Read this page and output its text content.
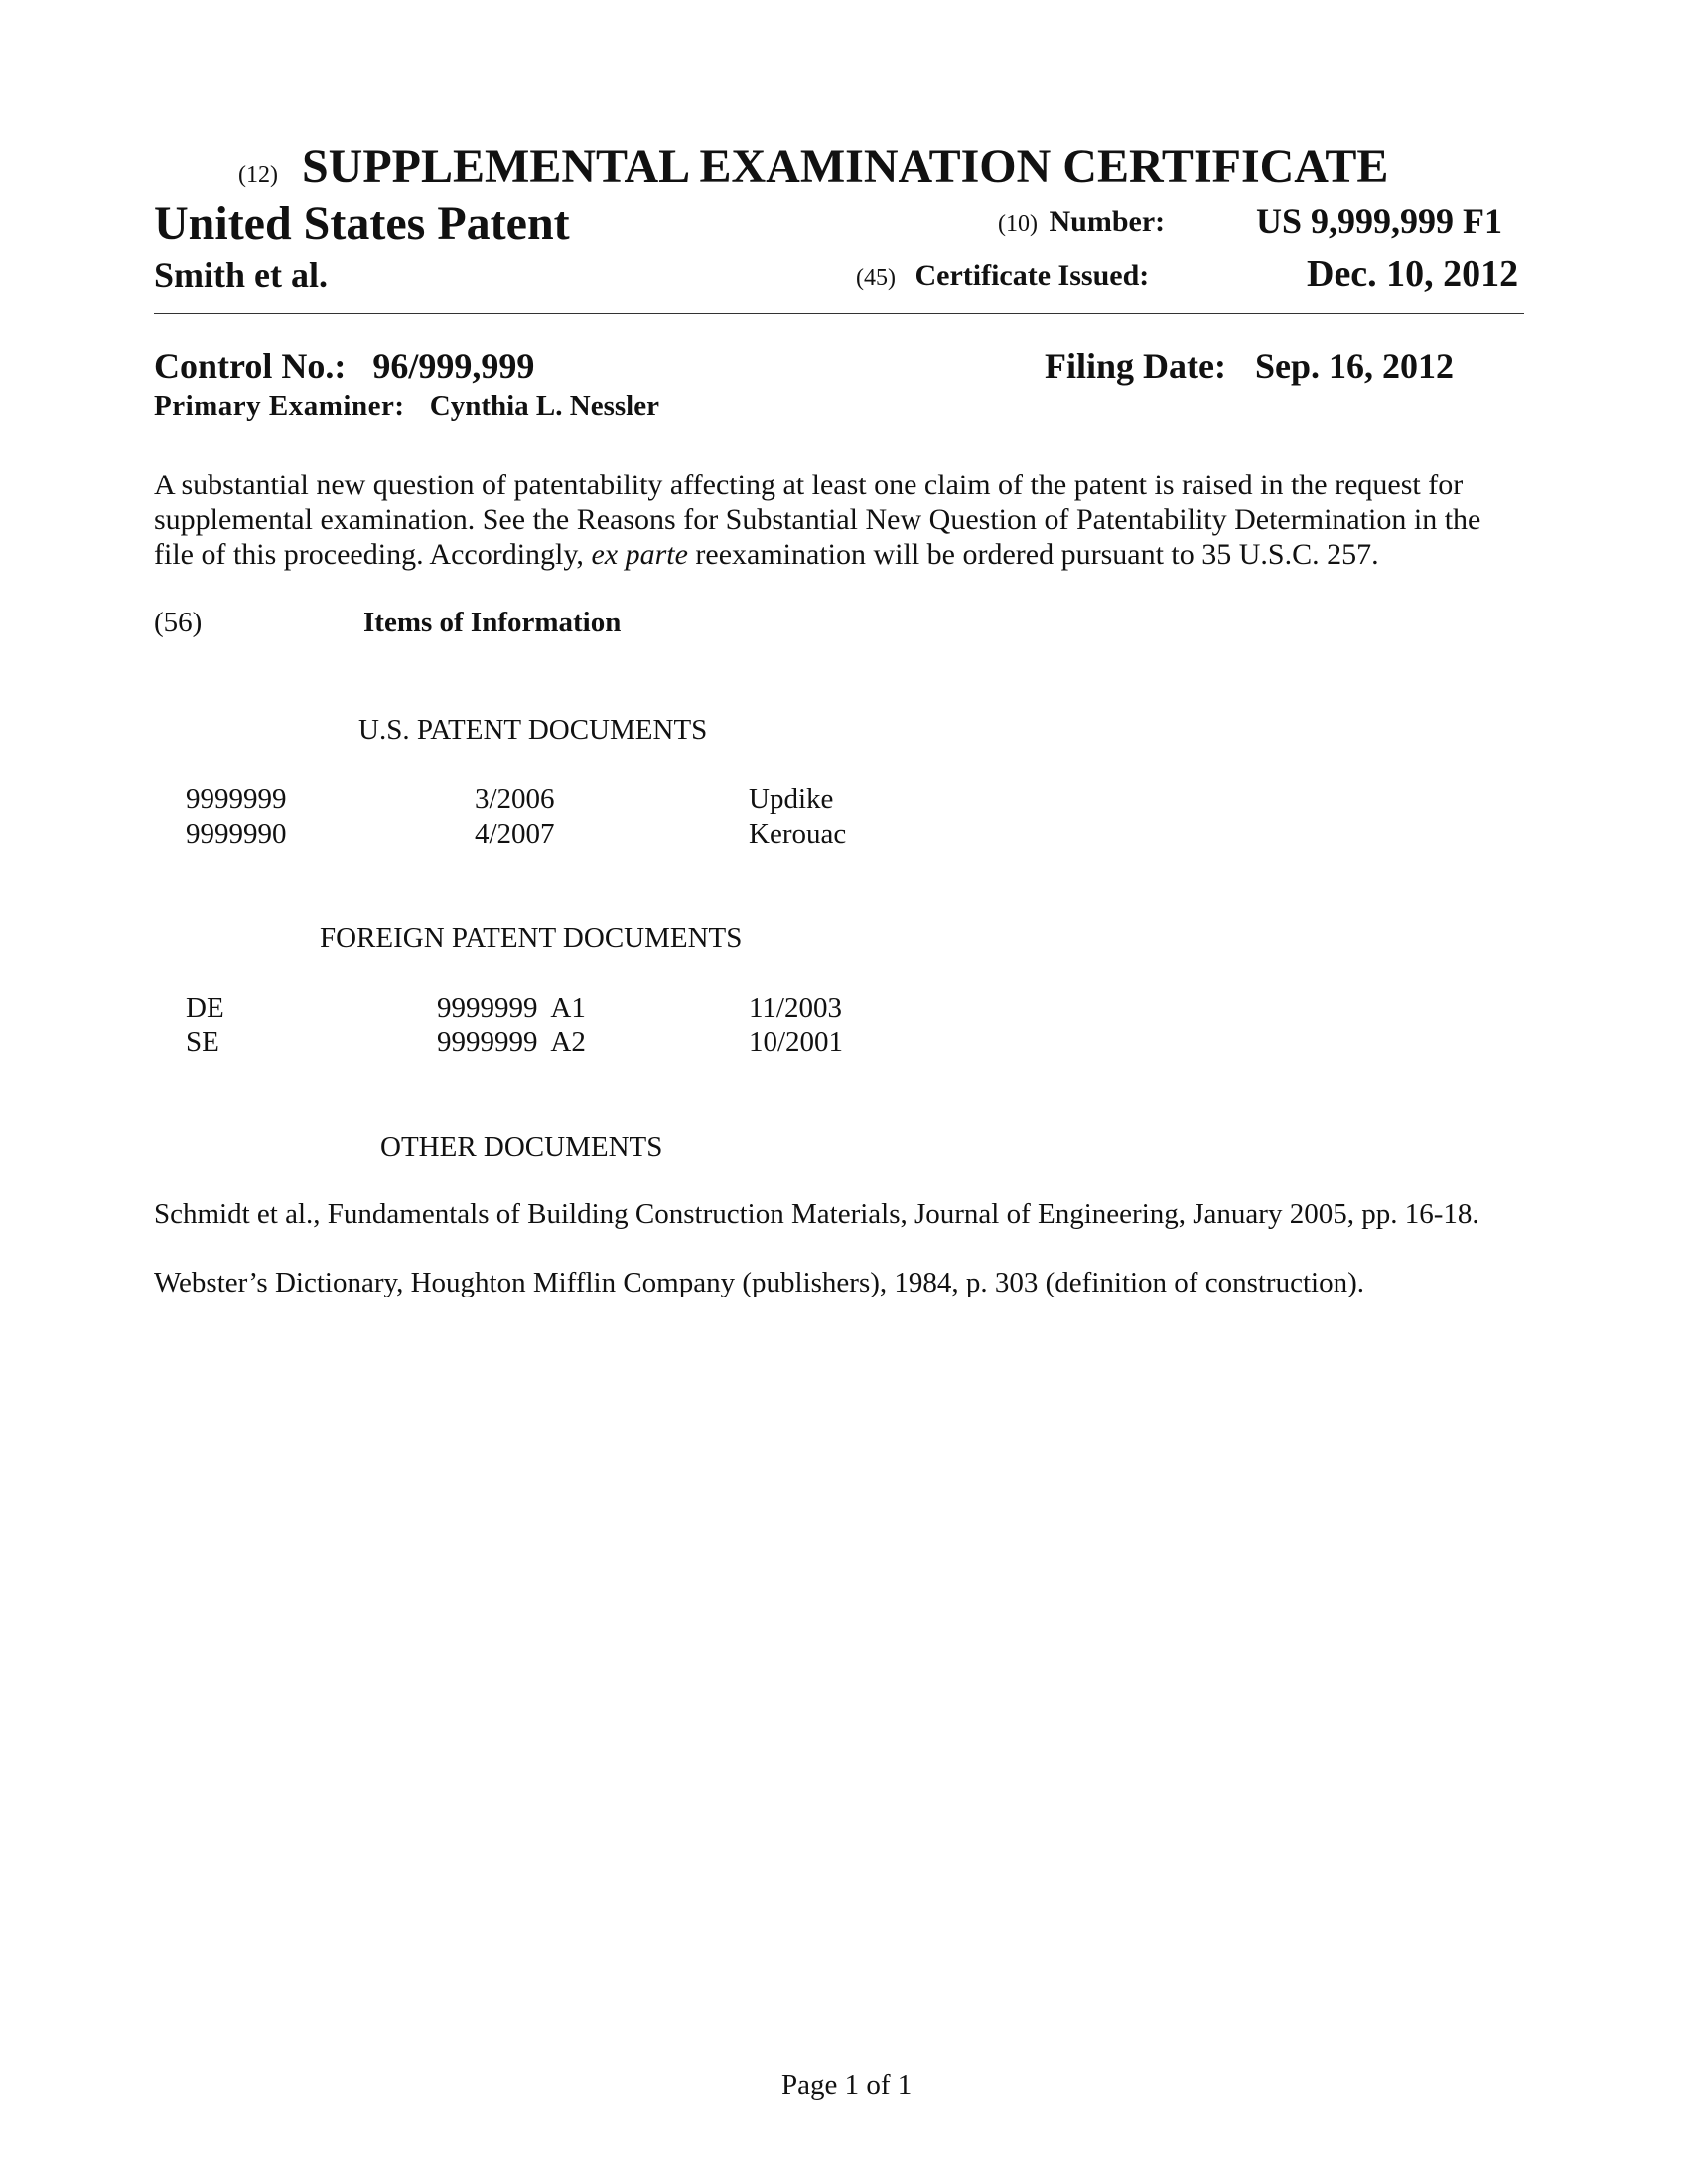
(12) SUPPLEMENTAL EXAMINATION CERTIFICATE
United States Patent	(10) Number:	US 9,999,999 F1
Smith et al.	(45) Certificate Issued:	Dec. 10, 2012
Control No.: 96/999,999	Filing Date: Sep. 16, 2012
Primary Examiner: Cynthia L. Nessler

A substantial new question of patentability affecting at least one claim of the patent is raised in the request for

supplemental examination. See the Reasons for Substantial New Question of Patentability Determination in the

file of this proceeding. Accordingly, ex parte reexamination will be ordered pursuant to 35 U.S.C. 257.

(56)	Items of Information
U.S. PATENT DOCUMENTS
9999999	3/2006	Updike
9999990	4/2007	Kerouac
FOREIGN PATENT DOCUMENTS
DE	9999999  A1	11/2003
SE	9999999  A2	10/2001
OTHER DOCUMENTS
Schmidt et al., Fundamentals of Building Construction Materials, Journal of Engineering, January 2005, pp. 16-18.
Webster’s Dictionary, Houghton Mifflin Company (publishers), 1984, p. 303 (definition of construction).
Page 1 of 1
